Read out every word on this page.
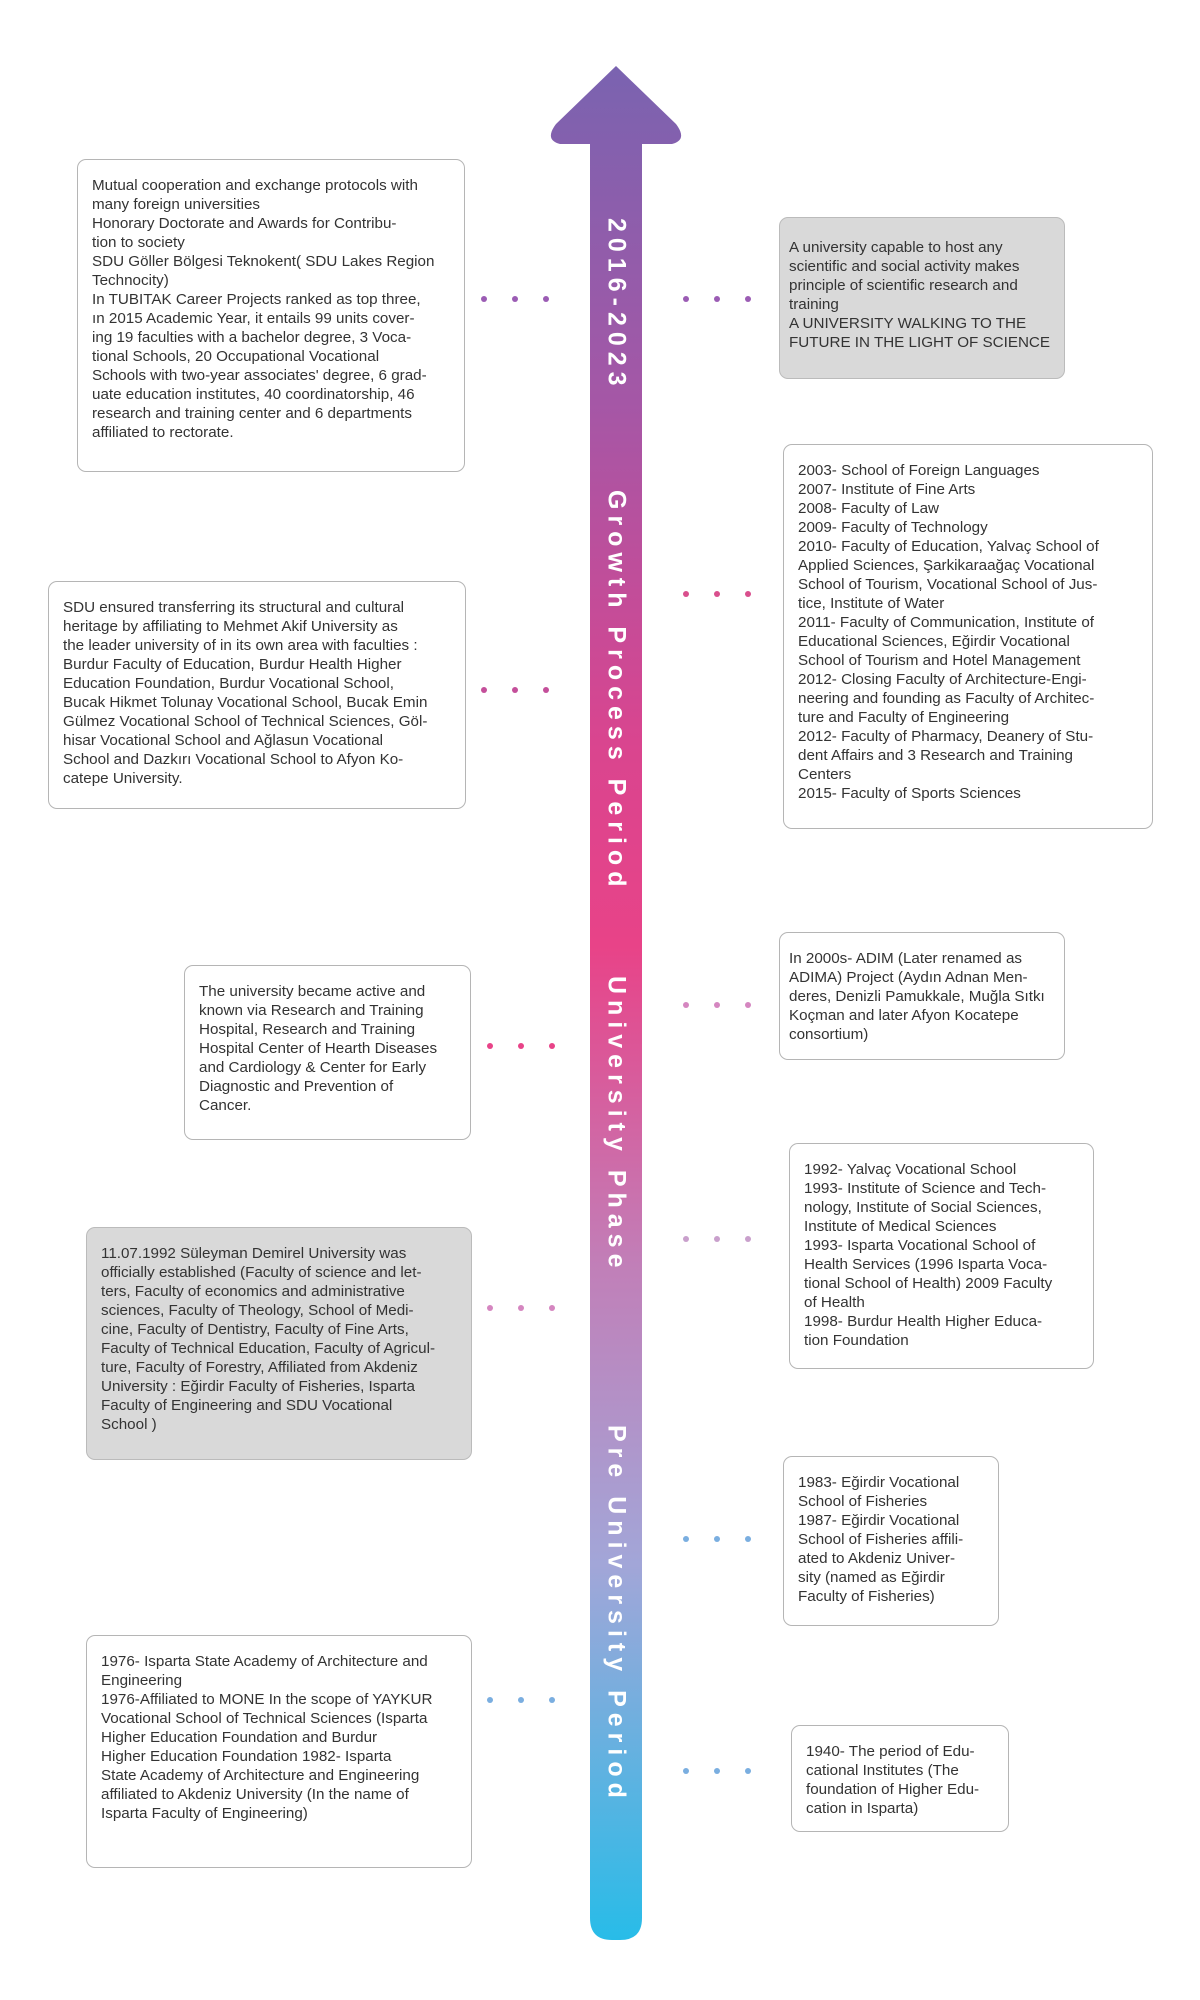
2016-2023
Growth Process Period
University Phase
Pre University Period
Mutual cooperation and exchange protocols with
many foreign universities
Honorary Doctorate and Awards for Contribu-
tion to society
SDU Göller Bölgesi Teknokent( SDU Lakes Region
Technocity)
In TUBITAK Career Projects ranked as top three,
ın 2015 Academic Year, it entails 99 units cover-
ing 19 faculties with a bachelor degree, 3 Voca-
tional Schools, 20 Occupational Vocational
Schools with two-year associates' degree, 6 grad-
uate education institutes, 40 coordinatorship, 46
research and training center and 6 departments
affiliated to rectorate.
SDU ensured transferring its structural and cultural
heritage by affiliating to Mehmet Akif University as
the leader university of in its own area with faculties :
Burdur Faculty of Education, Burdur Health Higher
Education Foundation, Burdur Vocational School,
Bucak Hikmet Tolunay Vocational School, Bucak Emin
Gülmez Vocational School of Technical Sciences, Göl-
hisar Vocational School and Ağlasun Vocational
School and Dazkırı Vocational School to Afyon Ko-
catepe University.
The university became active and
known via Research and Training
Hospital, Research and Training
Hospital Center of Hearth Diseases
and Cardiology & Center for Early
Diagnostic and Prevention of
Cancer.
11.07.1992 Süleyman Demirel University was
officially established (Faculty of science and let-
ters, Faculty of economics and administrative
sciences, Faculty of Theology, School of Medi-
cine, Faculty of Dentistry, Faculty of Fine Arts,
Faculty of Technical Education, Faculty of Agricul-
ture, Faculty of Forestry, Affiliated from Akdeniz
University : Eğirdir Faculty of Fisheries, Isparta
Faculty of Engineering and SDU Vocational
School )
1976- Isparta State Academy of Architecture and
Engineering
1976-Affiliated to MONE In the scope of YAYKUR
Vocational School of Technical Sciences (Isparta
Higher Education Foundation and Burdur
Higher Education Foundation 1982- Isparta
State Academy of Architecture and Engineering
affiliated to Akdeniz University (In the name of
Isparta Faculty of Engineering)
A university capable to host any
scientific and social activity makes
principle of scientific research and
training
A UNIVERSITY WALKING TO THE
FUTURE IN THE LIGHT OF SCIENCE
2003- School of Foreign Languages
2007- Institute of Fine Arts
2008- Faculty of Law
2009- Faculty of Technology
2010- Faculty of Education, Yalvaç School of
Applied Sciences, Şarkikaraağaç Vocational
School of Tourism, Vocational School of Jus-
tice, Institute of Water
2011- Faculty of Communication, Institute of
Educational Sciences, Eğirdir Vocational
School of Tourism and Hotel Management
2012- Closing Faculty of Architecture-Engi-
neering and founding as Faculty of Architec-
ture and Faculty of Engineering
2012- Faculty of Pharmacy, Deanery of Stu-
dent Affairs and 3 Research and Training
Centers
2015- Faculty of Sports Sciences
In 2000s- ADIM (Later renamed as
ADIMA) Project (Aydın Adnan Men-
deres, Denizli Pamukkale, Muğla Sıtkı
Koçman and later Afyon Kocatepe
consortium)
1992- Yalvaç Vocational School
1993- Institute of Science and Tech-
nology, Institute of Social Sciences,
Institute of Medical Sciences
1993- Isparta Vocational School of
Health Services (1996 Isparta Voca-
tional School of Health) 2009 Faculty
of Health
1998- Burdur Health Higher Educa-
tion Foundation
1983- Eğirdir Vocational
School of Fisheries
1987- Eğirdir Vocational
School of Fisheries affili-
ated to Akdeniz Univer-
sity (named as Eğirdir
Faculty of Fisheries)
1940- The period of Edu-
cational Institutes (The
foundation of Higher Edu-
cation in Isparta)
